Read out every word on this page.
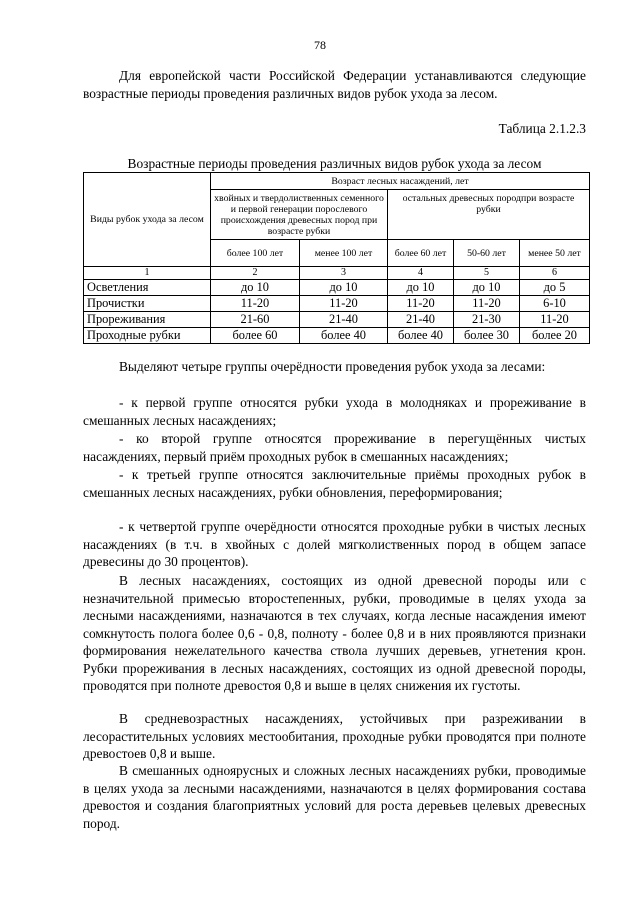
78

Для европейской части Российской Федерации устанавливаются следующие возрастные периоды проведения различных видов рубок ухода за лесом.

Таблица 2.1.2.3
Возрастные периоды проведения различных видов рубок ухода за лесом
Виды рубок ухода за лесом	Возраст лесных насаждений, лет				
	хвойных и твердолиственных семенного и первой генерации порослевого происхождения древесных пород при возрасте рубки		остальных древесных породпри возрасте рубки		
	более 100 лет	менее 100 лет	более 60 лет	50-60 лет	менее 50 лет
1	2	3	4	5	6
Осветления	до 10	до 10	до 10	до 10	до 5
Прочистки	11-20	11-20	11-20	11-20	6-10
Прореживания	21-60	21-40	21-40	21-30	11-20
Проходные рубки	более 60	более 40	более 40	более 30	более 20

Выделяют четыре группы очерёдности проведения рубок ухода за лесами:

- к первой группе относятся рубки ухода в молодняках и прореживание в смешанных лесных насаждениях;

- ко второй группе относятся прореживание в перегущённых чистых насаждениях, первый приём проходных рубок в смешанных насаждениях;

- к третьей группе относятся заключительные приёмы проходных рубок в смешанных лесных насаждениях, рубки обновления, переформирования;

- к четвертой группе очерёдности относятся проходные рубки в чистых лесных насаждениях (в т.ч. в хвойных с долей мягколиственных пород в общем запасе древесины до 30 процентов).

В лесных насаждениях, состоящих из одной древесной породы или с незначительной примесью второстепенных, рубки, проводимые в целях ухода за лесными насаждениями, назначаются в тех случаях, когда лесные насаждения имеют сомкнутость полога более 0,6 - 0,8, полноту - более 0,8 и в них проявляются признаки формирования нежелательного качества ствола лучших деревьев, угнетения крон. Рубки прореживания в лесных насаждениях, состоящих из одной древесной породы, проводятся при полноте древостоя 0,8 и выше в целях снижения их густоты.

В средневозрастных насаждениях, устойчивых при разреживании в лесорастительных условиях местообитания, проходные рубки проводятся при полноте древостоев 0,8 и выше.

В смешанных одноярусных и сложных лесных насаждениях рубки, проводимые в целях ухода за лесными насаждениями, назначаются в целях формирования состава древостоя и создания благоприятных условий для роста деревьев целевых древесных пород.
